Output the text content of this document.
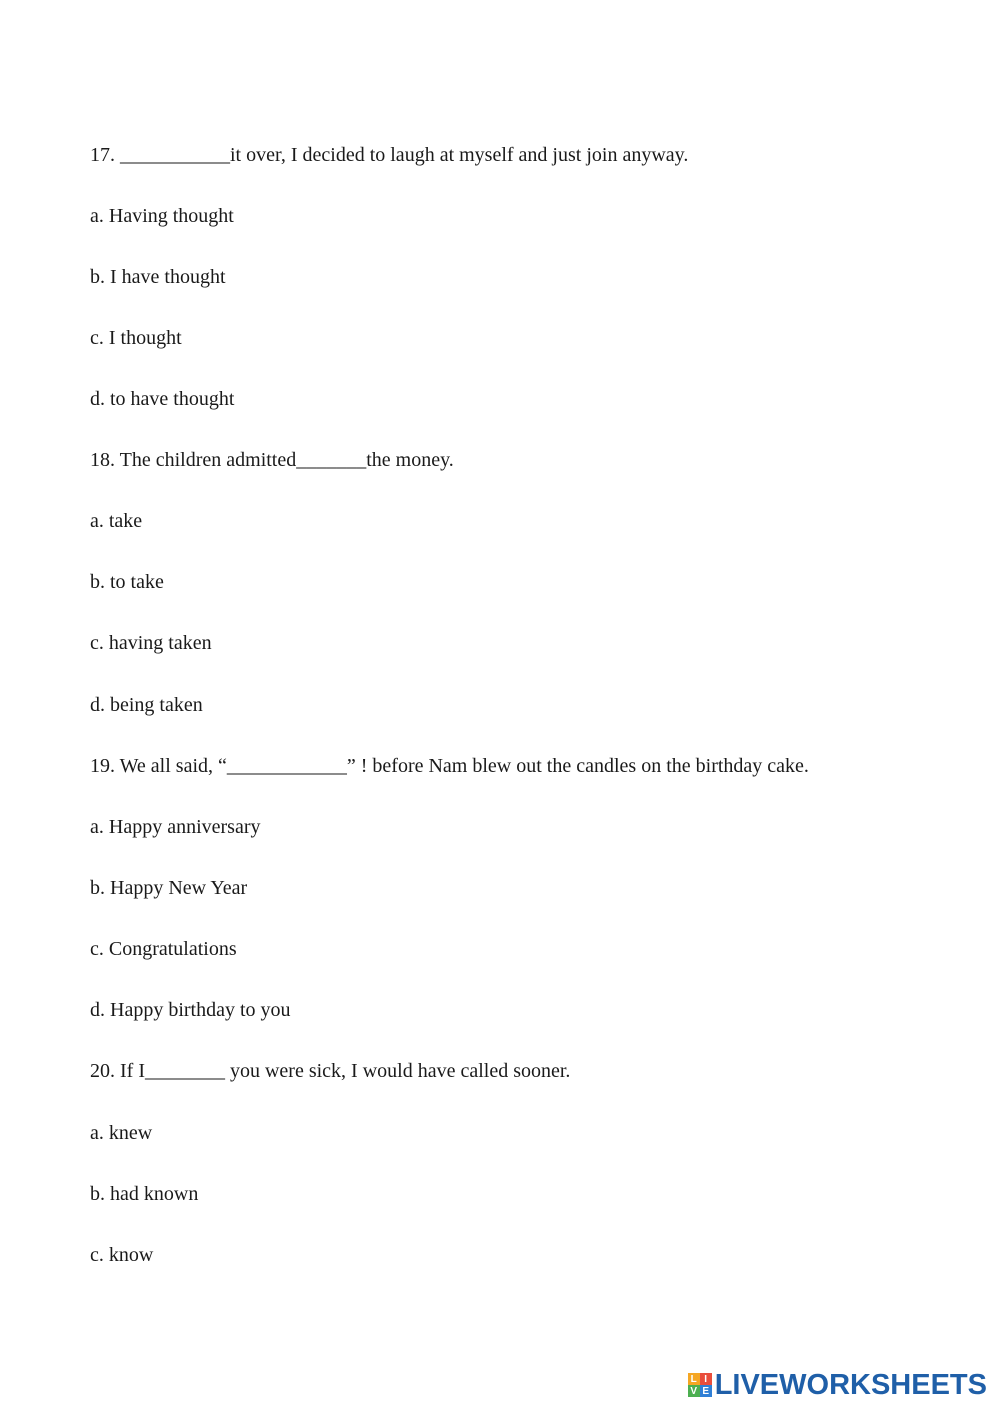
17. ___________it over, I decided to laugh at myself and just join anyway.
a. Having thought
b. I have thought
c. I thought
d. to have thought
18. The children admitted_______the money.
a. take
b. to take
c. having taken
d. being taken
19. We all said, “____________” ! before Nam blew out the candles on the birthday cake.
a. Happy anniversary
b. Happy New Year
c. Congratulations
d. Happy birthday to you
20. If I________ you were sick, I would have called sooner.
a. knew
b. had known
c. know
L I
V E LIVEWORKSHEETS
